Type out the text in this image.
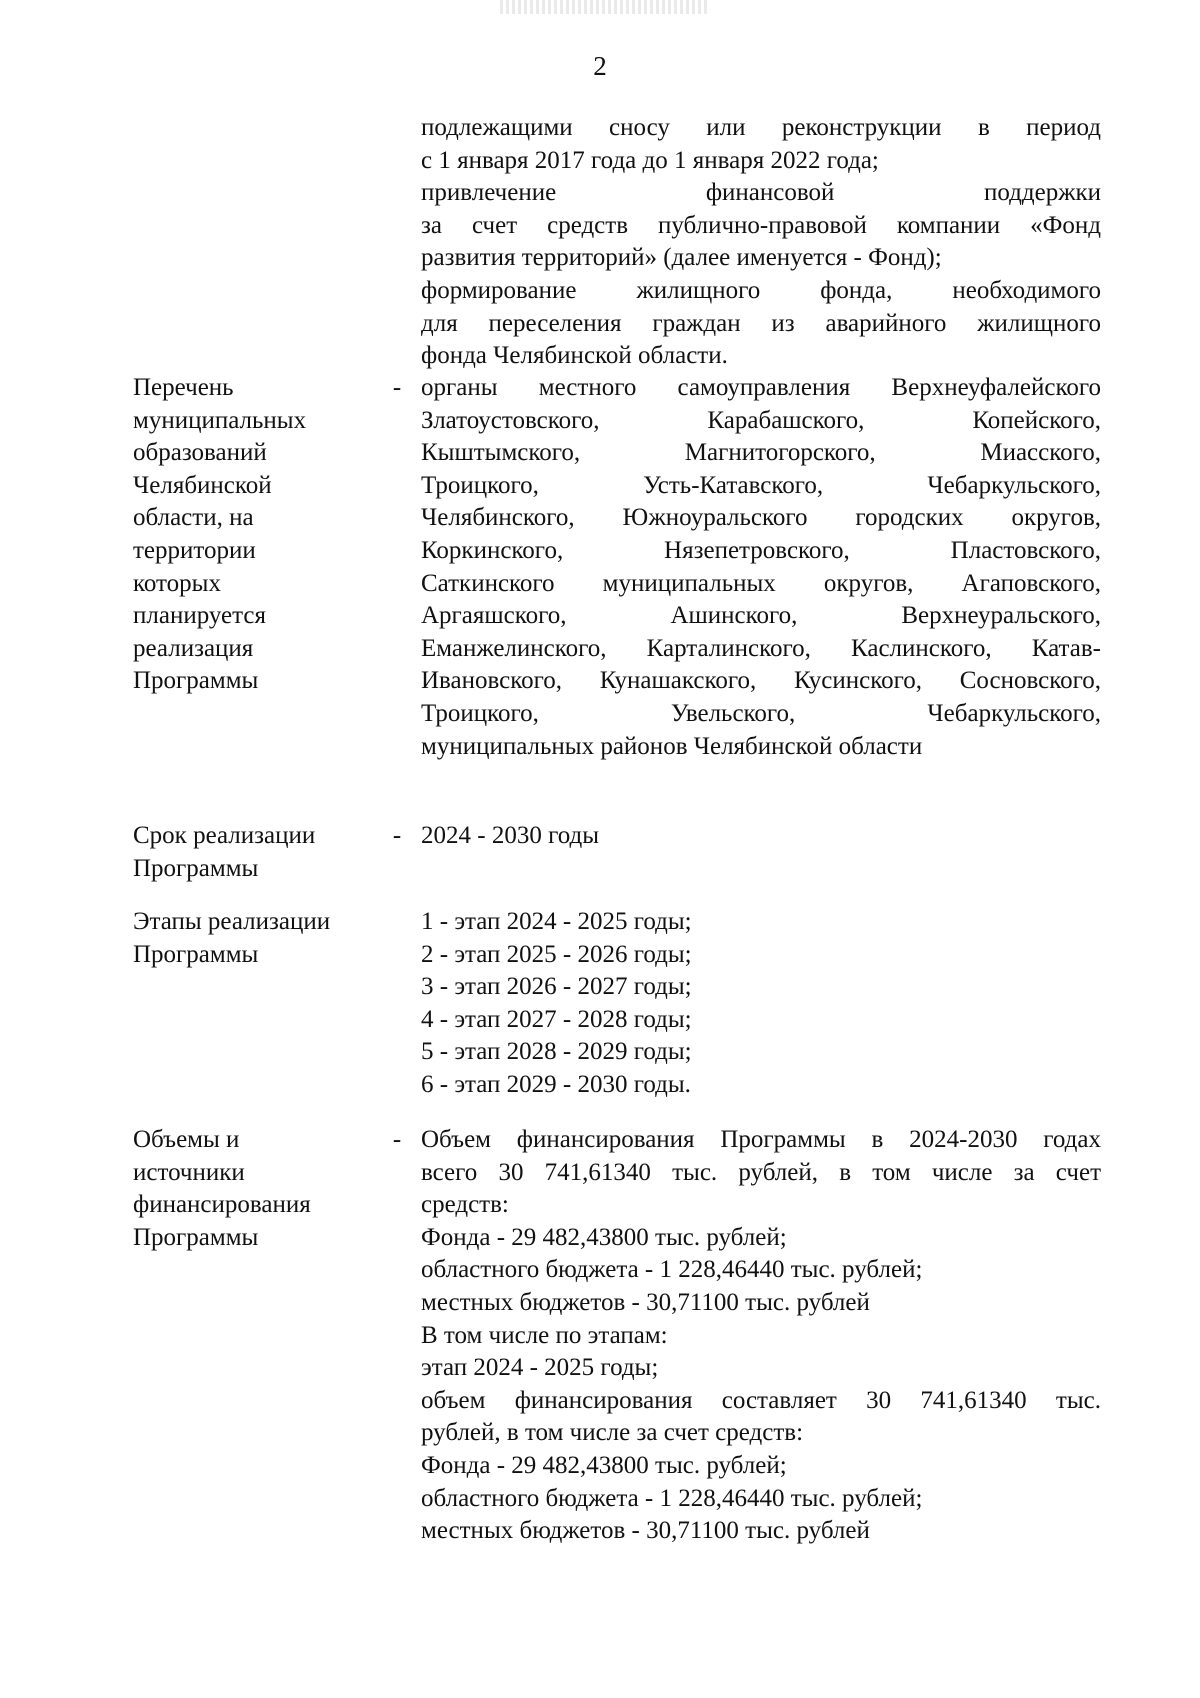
2
подлежащими сносу или реконструкции в период
с 1 января 2017 года до 1 января 2022 года;
привлечение финансовой поддержки
за счет средств публично-правовой компании «Фонд
развития территорий» (далее именуется - Фонд);
формирование жилищного фонда, необходимого
для переселения граждан из аварийного жилищного
фонда Челябинской области.
Перечень
муниципальных
образований
Челябинской
области, на
территории
которых
планируется
реализация
Программы
- органы местного самоуправления Верхнеуфалейского
Златоустовского, Карабашского, Копейского,
Кыштымского, Магнитогорского, Миасского,
Троицкого, Усть-Катавского, Чебаркульского,
Челябинского, Южноуральского городских округов,
Коркинского, Нязепетровского, Пластовского,
Саткинского муниципальных округов, Агаповского,
Аргаяшского, Ашинского, Верхнеуральского,
Еманжелинского, Карталинского, Каслинского, Катав-
Ивановского, Кунашакского, Кусинского, Сосновского,
Троицкого, Увельского, Чебаркульского,
муниципальных районов Челябинской области
Срок реализации
Программы
- 2024 - 2030 годы
Этапы реализации
Программы
1 - этап 2024 - 2025 годы;
2 - этап 2025 - 2026 годы;
3 - этап 2026 - 2027 годы;
4 - этап 2027 - 2028 годы;
5 - этап 2028 - 2029 годы;
6 - этап 2029 - 2030 годы.
Объемы и
источники
финансирования
Программы
- Объем финансирования Программы в 2024-2030 годах
всего 30 741,61340 тыс. рублей, в том числе за счет
средств:
Фонда - 29 482,43800 тыс. рублей;
областного бюджета - 1 228,46440 тыс. рублей;
местных бюджетов - 30,71100 тыс. рублей
В том числе по этапам:
этап 2024 - 2025 годы;
объем финансирования составляет 30 741,61340 тыс.
рублей, в том числе за счет средств:
Фонда - 29 482,43800 тыс. рублей;
областного бюджета - 1 228,46440 тыс. рублей;
местных бюджетов - 30,71100 тыс. рублей
